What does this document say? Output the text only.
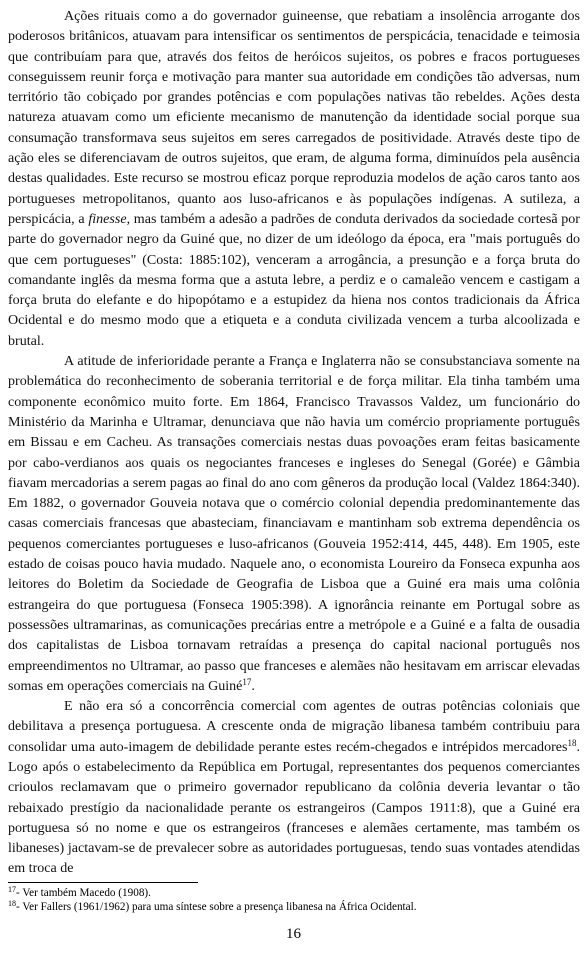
Ações rituais como a do governador guineense, que rebatiam a insolência arrogante dos poderosos britânicos, atuavam para intensificar os sentimentos de perspicácia, tenacidade e teimosia que contribuíam para que, através dos feitos de heróicos sujeitos, os pobres e fracos portugueses conseguissem reunir força e motivação para manter sua autoridade em condições tão adversas, num território tão cobiçado por grandes potências e com populações nativas tão rebeldes. Ações desta natureza atuavam como um eficiente mecanismo de manutenção da identidade social porque sua consumação transformava seus sujeitos em seres carregados de positividade. Através deste tipo de ação eles se diferenciavam de outros sujeitos, que eram, de alguma forma, diminuídos pela ausência destas qualidades. Este recurso se mostrou eficaz porque reproduzia modelos de ação caros tanto aos portugueses metropolitanos, quanto aos luso-africanos e às populações indígenas. A sutileza, a perspicácia, a finesse, mas também a adesão a padrões de conduta derivados da sociedade cortesã por parte do governador negro da Guiné que, no dizer de um ideólogo da época, era "mais português do que cem portugueses" (Costa: 1885:102), venceram a arrogância, a presunção e a força bruta do comandante inglês da mesma forma que a astuta lebre, a perdiz e o camaleão vencem e castigam a força bruta do elefante e do hipopótamo e a estupidez da hiena nos contos tradicionais da África Ocidental e do mesmo modo que a etiqueta e a conduta civilizada vencem a turba alcoolizada e brutal.

A atitude de inferioridade perante a França e Inglaterra não se consubstanciava somente na problemática do reconhecimento de soberania territorial e de força militar. Ela tinha também uma componente econômico muito forte. Em 1864, Francisco Travassos Valdez, um funcionário do Ministério da Marinha e Ultramar, denunciava que não havia um comércio propriamente português em Bissau e em Cacheu. As transações comerciais nestas duas povoações eram feitas basicamente por cabo-verdianos aos quais os negociantes franceses e ingleses do Senegal (Gorée) e Gâmbia fiavam mercadorias a serem pagas ao final do ano com gêneros da produção local (Valdez 1864:340). Em 1882, o governador Gouveia notava que o comércio colonial dependia predominantemente das casas comerciais francesas que abasteciam, financiavam e mantinham sob extrema dependência os pequenos comerciantes portugueses e luso-africanos (Gouveia 1952:414, 445, 448). Em 1905, este estado de coisas pouco havia mudado. Naquele ano, o economista Loureiro da Fonseca expunha aos leitores do Boletim da Sociedade de Geografia de Lisboa que a Guiné era mais uma colônia estrangeira do que portuguesa (Fonseca 1905:398). A ignorância reinante em Portugal sobre as possessões ultramarinas, as comunicações precárias entre a metrópole e a Guiné e a falta de ousadia dos capitalistas de Lisboa tornavam retraídas a presença do capital nacional português nos empreendimentos no Ultramar, ao passo que franceses e alemães não hesitavam em arriscar elevadas somas em operações comerciais na Guiné$^{17}$.

E não era só a concorrência comercial com agentes de outras potências coloniais que debilitava a presença portuguesa. A crescente onda de migração libanesa também contribuiu para consolidar uma auto-imagem de debilidade perante estes recém-chegados e intrépidos mercadores$^{18}$. Logo após o estabelecimento da República em Portugal, representantes dos pequenos comerciantes crioulos reclamavam que o primeiro governador republicano da colônia deveria levantar o tão rebaixado prestígio da nacionalidade perante os estrangeiros (Campos 1911:8), que a Guiné era portuguesa só no nome e que os estrangeiros (franceses e alemães certamente, mas também os libaneses) jactavam-se de prevalecer sobre as autoridades portuguesas, tendo suas vontades atendidas em troca de

$^{17}$- Ver também Macedo (1908).

$^{18}$- Ver Fallers (1961/1962) para uma síntese sobre a presença libanesa na África Ocidental.

16
